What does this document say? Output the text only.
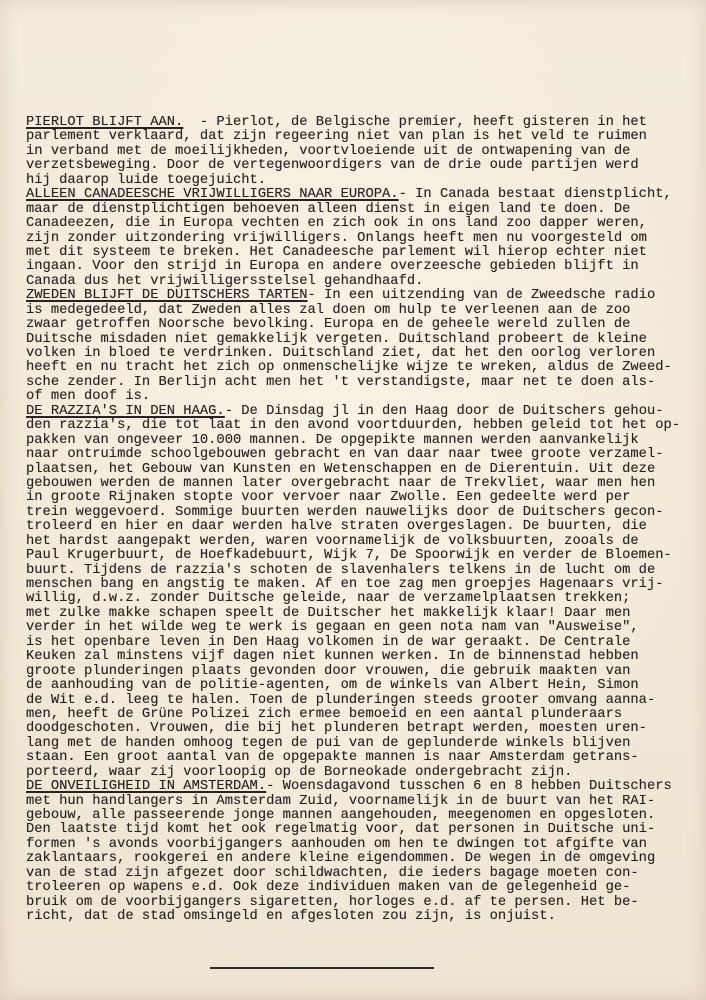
PIERLOT BLIJFT AAN.  - Pierlot, de Belgische premier, heeft gisteren in het
parlement verklaard, dat zijn regeering niet van plan is het veld te ruimen
in verband met de moeilijkheden, voortvloeiende uit de ontwapening van de
verzetsbeweging. Door de vertegenwoordigers van de drie oude partijen werd
hij daarop luide toegejuicht.
ALLEEN CANADEESCHE VRIJWILLIGERS NAAR EUROPA.- In Canada bestaat dienstplicht,
maar de dienstplichtigen behoeven alleen dienst in eigen land te doen. De
Canadeezen, die in Europa vechten en zich ook in ons land zoo dapper weren,
zijn zonder uitzondering vrijwilligers. Onlangs heeft men nu voorgesteld om
met dit systeem te breken. Het Canadeesche parlement wil hierop echter niet
ingaan. Voor den strijd in Europa en andere overzeesche gebieden blijft in
Canada dus het vrijwilligersstelsel gehandhaafd.
ZWEDEN BLIJFT DE DUITSCHERS TARTEN- In een uitzending van de Zweedsche radio
is medegedeeld, dat Zweden alles zal doen om hulp te verleenen aan de zoo
zwaar getroffen Noorsche bevolking. Europa en de geheele wereld zullen de
Duitsche misdaden niet gemakkelijk vergeten. Duitschland probeert de kleine
volken in bloed te verdrinken. Duitschland ziet, dat het den oorlog verloren
heeft en nu tracht het zich op onmenschelijke wijze te wreken, aldus de Zweed-
sche zender. In Berlijn acht men het 't verstandigste, maar net te doen als-
of men doof is.
DE RAZZIA'S IN DEN HAAG.- De Dinsdag jl in den Haag door de Duitschers gehou-
den razzia's, die tot laat in den avond voortduurden, hebben geleid tot het op-
pakken van ongeveer 10.000 mannen. De opgepikte mannen werden aanvankelijk
naar ontruimde schoolgebouwen gebracht en van daar naar twee groote verzamel-
plaatsen, het Gebouw van Kunsten en Wetenschappen en de Dierentuin. Uit deze
gebouwen werden de mannen later overgebracht naar de Trekvliet, waar men hen
in groote Rijnaken stopte voor vervoer naar Zwolle. Een gedeelte werd per
trein weggevoerd. Sommige buurten werden nauwelijks door de Duitschers gecon-
troleerd en hier en daar werden halve straten overgeslagen. De buurten, die
het hardst aangepakt werden, waren voornamelijk de volksbuurten, zooals de
Paul Krugerbuurt, de Hoefkadebuurt, Wijk 7, De Spoorwijk en verder de Bloemen-
buurt. Tijdens de razzia's schoten de slavenhalers telkens in de lucht om de
menschen bang en angstig te maken. Af en toe zag men groepjes Hagenaars vrij-
willig, d.w.z. zonder Duitsche geleide, naar de verzamelplaatsen trekken;
met zulke makke schapen speelt de Duitscher het makkelijk klaar! Daar men
verder in het wilde weg te werk is gegaan en geen nota nam van "Ausweise",
is het openbare leven in Den Haag volkomen in de war geraakt. De Centrale
Keuken zal minstens vijf dagen niet kunnen werken. In de binnenstad hebben
groote plunderingen plaats gevonden door vrouwen, die gebruik maakten van
de aanhouding van de politie-agenten, om de winkels van Albert Hein, Simon
de Wit e.d. leeg te halen. Toen de plunderingen steeds grooter omvang aanna-
men, heeft de Grüne Polizei zich ermee bemoeid en een aantal plunderaars
doodgeschoten. Vrouwen, die bij het plunderen betrapt werden, moesten uren-
lang met de handen omhoog tegen de pui van de geplunderde winkels blijven
staan. Een groot aantal van de opgepakte mannen is naar Amsterdam getrans-
porteerd, waar zij voorloopig op de Borneokade ondergebracht zijn.
DE ONVEILIGHEID IN AMSTERDAM.- Woensdagavond tusschen 6 en 8 hebben Duitschers
met hun handlangers in Amsterdam Zuid, voornamelijk in de buurt van het RAI-
gebouw, alle passeerende jonge mannen aangehouden, meegenomen en opgesloten.
Den laatste tijd komt het ook regelmatig voor, dat personen in Duitsche uni-
formen 's avonds voorbijgangers aanhouden om hen te dwingen tot afgifte van
zaklantaars, rookgerei en andere kleine eigendommen. De wegen in de omgeving
van de stad zijn afgezet door schildwachten, die ieders bagage moeten con-
troleeren op wapens e.d. Ook deze individuen maken van de gelegenheid ge-
bruik om de voorbijgangers sigaretten, horloges e.d. af te persen. Het be-
richt, dat de stad omsingeld en afgesloten zou zijn, is onjuist.
